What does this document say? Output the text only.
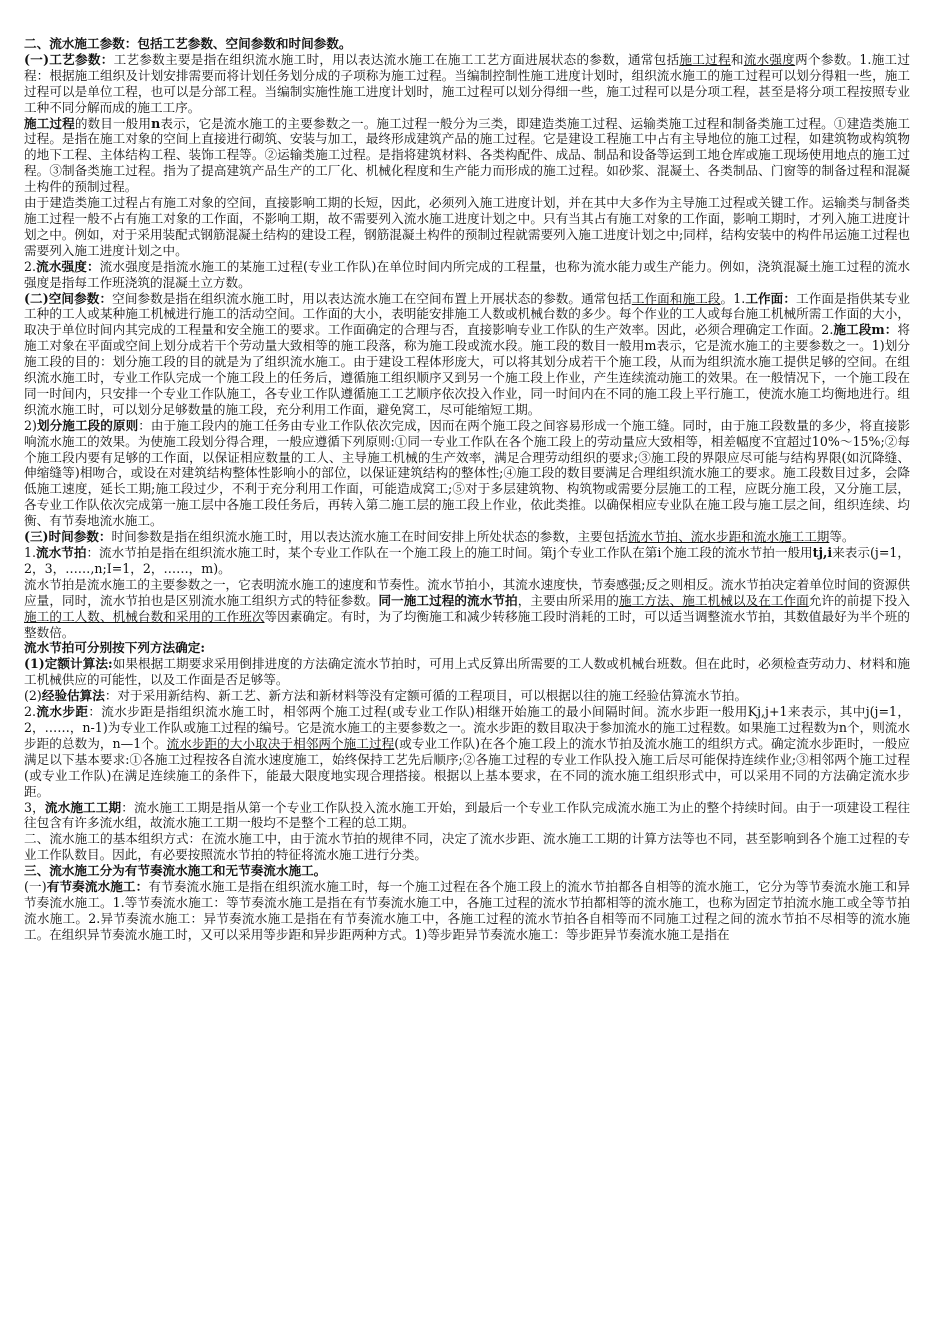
二、流水施工参数：包括工艺参数、空间参数和时间参数。

(一)工艺参数：工艺参数主要是指在组织流水施工时，用以表达流水施工在施工工艺方面进展状态的参数，通常包括施工过程和流水强度两个参数。1.施工过程：根据施工组织及计划安排需要而将计划任务划分成的子项称为施工过程。当编制控制性施工进度计划时，组织流水施工的施工过程可以划分得粗一些，施工过程可以是单位工程，也可以是分部工程。当编制实施性施工进度计划时，施工过程可以划分得细一些，施工过程可以是分项工程，甚至是将分项工程按照专业工种不同分解而成的施工工序。

施工过程的数目一般用n表示，它是流水施工的主要参数之一。施工过程一般分为三类，即建造类施工过程、运输类施工过程和制备类施工过程。①建造类施工过程。是指在施工对象的空间上直接进行砌筑、安装与加工，最终形成建筑产品的施工过程。它是建设工程施工中占有主导地位的施工过程，如建筑物或构筑物的地下工程、主体结构工程、装饰工程等。②运输类施工过程。是指将建筑材料、各类构配件、成品、制品和设备等运到工地仓库或施工现场使用地点的施工过程。③制备类施工过程。指为了提高建筑产品生产的工厂化、机械化程度和生产能力而形成的施工过程。如砂浆、混凝土、各类制品、门窗等的制备过程和混凝土构件的预制过程。

由于建造类施工过程占有施工对象的空间，直接影响工期的长短，因此，必须列入施工进度计划，并在其中大多作为主导施工过程或关键工作。运输类与制备类施工过程一般不占有施工对象的工作面，不影响工期，故不需要列入流水施工进度计划之中。只有当其占有施工对象的工作面，影响工期时，才列入施工进度计划之中。例如，对于采用装配式钢筋混凝土结构的建设工程，钢筋混凝土构件的预制过程就需要列入施工进度计划之中;同样，结构安装中的构件吊运施工过程也需要列入施工进度计划之中。

2.流水强度：流水强度是指流水施工的某施工过程(专业工作队)在单位时间内所完成的工程量，也称为流水能力或生产能力。例如，浇筑混凝土施工过程的流水强度是指每工作班浇筑的混凝土立方数。

(二)空间参数：空间参数是指在组织流水施工时，用以表达流水施工在空间布置上开展状态的参数。通常包括工作面和施工段。1.工作面：工作面是指供某专业工种的工人或某种施工机械进行施工的活动空间。工作面的大小，表明能安排施工人数或机械台数的多少。每个作业的工人或每台施工机械所需工作面的大小，取决于单位时间内其完成的工程量和安全施工的要求。工作面确定的合理与否，直接影响专业工作队的生产效率。因此，必须合理确定工作面。2.施工段m：将施工对象在平面或空间上划分成若干个劳动量大致相等的施工段落，称为施工段或流水段。施工段的数目一般用m表示，它是流水施工的主要参数之一。1)划分施工段的目的：划分施工段的目的就是为了组织流水施工。由于建设工程体形庞大，可以将其划分成若干个施工段，从而为组织流水施工提供足够的空间。在组织流水施工时，专业工作队完成一个施工段上的任务后，遵循施工组织顺序又到另一个施工段上作业，产生连续流动施工的效果。在一般情况下，一个施工段在同一时间内，只安排一个专业工作队施工，各专业工作队遵循施工工艺顺序依次投入作业，同一时间内在不同的施工段上平行施工，使流水施工均衡地进行。组织流水施工时，可以划分足够数量的施工段，充分利用工作面，避免窝工，尽可能缩短工期。

2)划分施工段的原则：由于施工段内的施工任务由专业工作队依次完成，因而在两个施工段之间容易形成一个施工缝。同时，由于施工段数量的多少，将直接影响流水施工的效果。为使施工段划分得合理，一般应遵循下列原则:①同一专业工作队在各个施工段上的劳动量应大致相等，相差幅度不宜超过10%～15%;②每个施工段内要有足够的工作面，以保证相应数量的工人、主导施工机械的生产效率，满足合理劳动组织的要求;③施工段的界限应尽可能与结构界限(如沉降缝、伸缩缝等)相吻合，或设在对建筑结构整体性影响小的部位，以保证建筑结构的整体性;④施工段的数目要满足合理组织流水施工的要求。施工段数目过多，会降低施工速度，延长工期;施工段过少，不利于充分利用工作面，可能造成窝工;⑤对于多层建筑物、构筑物或需要分层施工的工程，应既分施工段，又分施工层，各专业工作队依次完成第一施工层中各施工段任务后，再转入第二施工层的施工段上作业，依此类推。以确保相应专业队在施工段与施工层之间，组织连续、均衡、有节奏地流水施工。

(三)时间参数：时间参数是指在组织流水施工时，用以表达流水施工在时间安排上所处状态的参数，主要包括流水节拍、流水步距和流水施工工期等。

1.流水节拍：流水节拍是指在组织流水施工时，某个专业工作队在一个施工段上的施工时间。第j个专业工作队在第i个施工段的流水节拍一般用tj,i来表示(j=1，2，3，……,n;I=1，2，……，m)。

流水节拍是流水施工的主要参数之一，它表明流水施工的速度和节奏性。流水节拍小，其流水速度快，节奏感强;反之则相反。流水节拍决定着单位时间的资源供应量，同时，流水节拍也是区别流水施工组织方式的特征参数。同一施工过程的流水节拍，主要由所采用的施工方法、施工机械以及在工作面允许的前提下投入施工的工人数、机械台数和采用的工作班次等因素确定。有时，为了均衡施工和减少转移施工段时消耗的工时，可以适当调整流水节拍，其数值最好为半个班的整数倍。

流水节拍可分别按下列方法确定:

(1)定额计算法:如果根据工期要求采用倒排进度的方法确定流水节拍时，可用上式反算出所需要的工人数或机械台班数。但在此时，必须检查劳动力、材料和施工机械供应的可能性，以及工作面是否足够等。

(2)经验估算法：对于采用新结构、新工艺、新方法和新材料等没有定额可循的工程项目，可以根据以往的施工经验估算流水节拍。

2.流水步距：流水步距是指组织流水施工时，相邻两个施工过程(或专业工作队)相继开始施工的最小间隔时间。流水步距一般用Kj,j+1来表示，其中j(j=1，2，……，n-1)为专业工作队或施工过程的编号。它是流水施工的主要参数之一。流水步距的数目取决于参加流水的施工过程数。如果施工过程数为n个，则流水步距的总数为，n—1个。流水步距的大小取决于相邻两个施工过程(或专业工作队)在各个施工段上的流水节拍及流水施工的组织方式。确定流水步距时，一般应满足以下基本要求:①各施工过程按各自流水速度施工，始终保持工艺先后顺序;②各施工过程的专业工作队投入施工后尽可能保持连续作业;③相邻两个施工过程(或专业工作队)在满足连续施工的条件下，能最大限度地实现合理搭接。根据以上基本要求，在不同的流水施工组织形式中，可以采用不同的方法确定流水步距。

3，流水施工工期：流水施工工期是指从第一个专业工作队投入流水施工开始，到最后一个专业工作队完成流水施工为止的整个持续时间。由于一项建设工程往往包含有许多流水组，故流水施工工期一般均不是整个工程的总工期。

二、流水施工的基本组织方式：在流水施工中，由于流水节拍的规律不同，决定了流水步距、流水施工工期的计算方法等也不同，甚至影响到各个施工过程的专业工作队数目。因此，有必要按照流水节拍的特征将流水施工进行分类。

三、流水施工分为有节奏流水施工和无节奏流水施工。

(一)有节奏流水施工：有节奏流水施工是指在组织流水施工时，每一个施工过程在各个施工段上的流水节拍都各自相等的流水施工，它分为等节奏流水施工和异节奏流水施工。1.等节奏流水施工：等节奏流水施工是指在有节奏流水施工中，各施工过程的流水节拍都相等的流水施工，也称为固定节拍流水施工或全等节拍流水施工。2.异节奏流水施工：异节奏流水施工是指在有节奏流水施工中，各施工过程的流水节拍各自相等而不同施工过程之间的流水节拍不尽相等的流水施工。在组织异节奏流水施工时，又可以采用等步距和异步距两种方式。1)等步距异节奏流水施工：等步距异节奏流水施工是指在
